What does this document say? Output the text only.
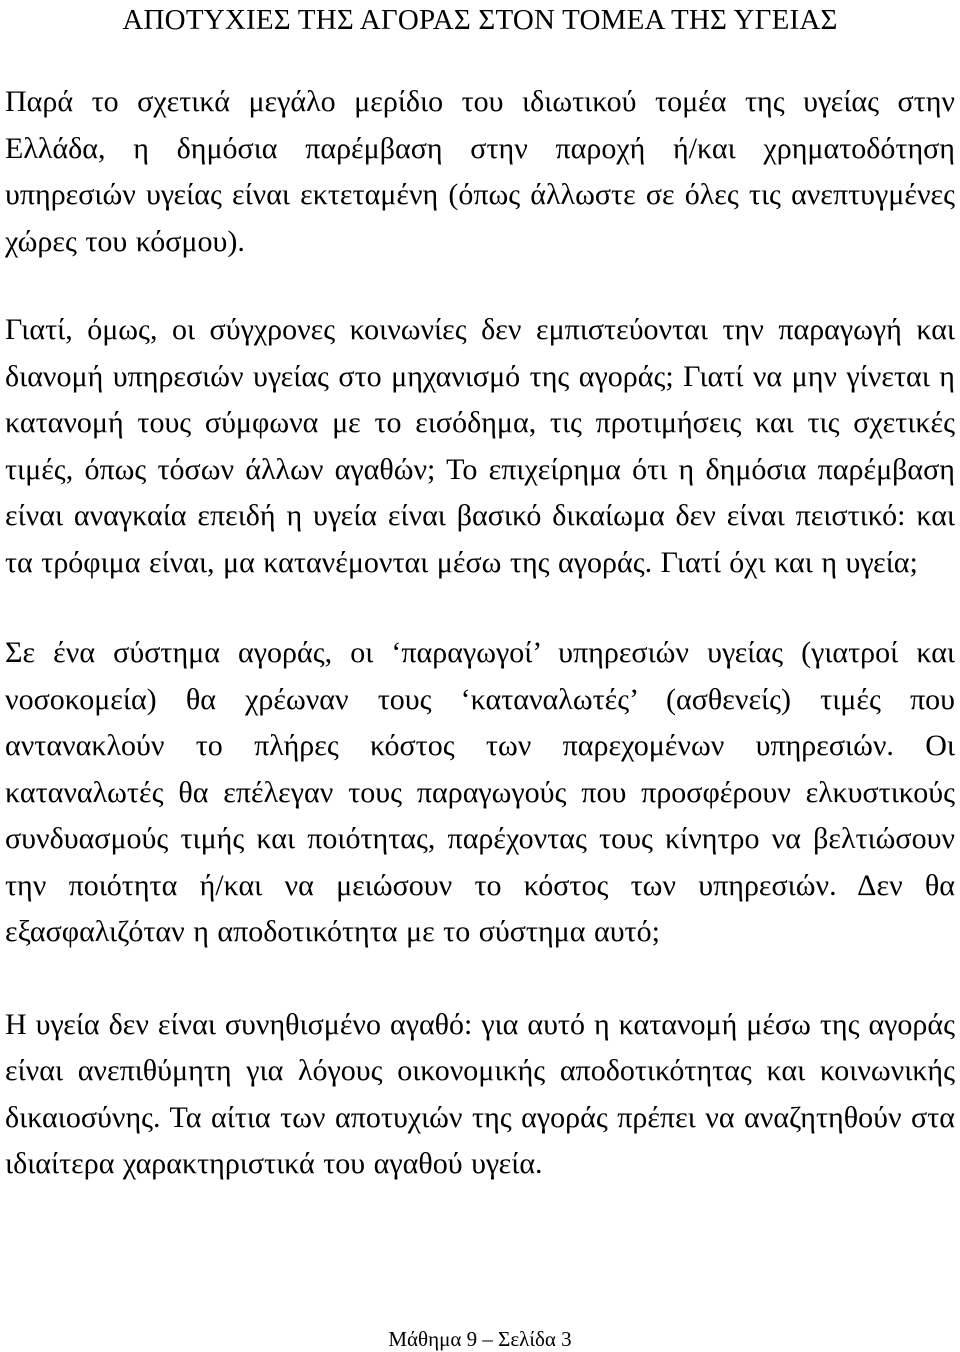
ΑΠΟΤΥΧΙΕΣ ΤΗΣ ΑΓΟΡΑΣ ΣΤΟΝ ΤΟΜΕΑ ΤΗΣ ΥΓΕΙΑΣ

Παρά το σχετικά μεγάλο μερίδιο του ιδιωτικού τομέα της υγείας στην Ελλάδα, η δημόσια παρέμβαση στην παροχή ή/και χρηματοδότηση υπηρεσιών υγείας είναι εκτεταμένη (όπως άλλωστε σε όλες τις ανεπτυγμένες χώρες του κόσμου).

Γιατί, όμως, οι σύγχρονες κοινωνίες δεν εμπιστεύονται την παραγωγή και διανομή υπηρεσιών υγείας στο μηχανισμό της αγοράς; Γιατί να μην γίνεται η κατανομή τους σύμφωνα με το εισόδημα, τις προτιμήσεις και τις σχετικές τιμές, όπως τόσων άλλων αγαθών; Το επιχείρημα ότι η δημόσια παρέμβαση είναι αναγκαία επειδή η υγεία είναι βασικό δικαίωμα δεν είναι πειστικό: και τα τρόφιμα είναι, μα κατανέμονται μέσω της αγοράς. Γιατί όχι και η υγεία;

Σε ένα σύστημα αγοράς, οι ‘παραγωγοί’ υπηρεσιών υγείας (γιατροί και νοσοκομεία) θα χρέωναν τους ‘καταναλωτές’ (ασθενείς) τιμές που αντανακλούν το πλήρες κόστος των παρεχομένων υπηρεσιών. Οι καταναλωτές θα επέλεγαν τους παραγωγούς που προσφέρουν ελκυστικούς συνδυασμούς τιμής και ποιότητας, παρέχοντας τους κίνητρο να βελτιώσουν την ποιότητα ή/και να μειώσουν το κόστος των υπηρεσιών. Δεν θα εξασφαλιζόταν η αποδοτικότητα με το σύστημα αυτό;

Η υγεία δεν είναι συνηθισμένο αγαθό: για αυτό η κατανομή μέσω της αγοράς είναι ανεπιθύμητη για λόγους οικονομικής αποδοτικότητας και κοινωνικής δικαιοσύνης. Τα αίτια των αποτυχιών της αγοράς πρέπει να αναζητηθούν στα ιδιαίτερα χαρακτηριστικά του αγαθού υγεία.

Μάθημα 9 – Σελίδα 3
